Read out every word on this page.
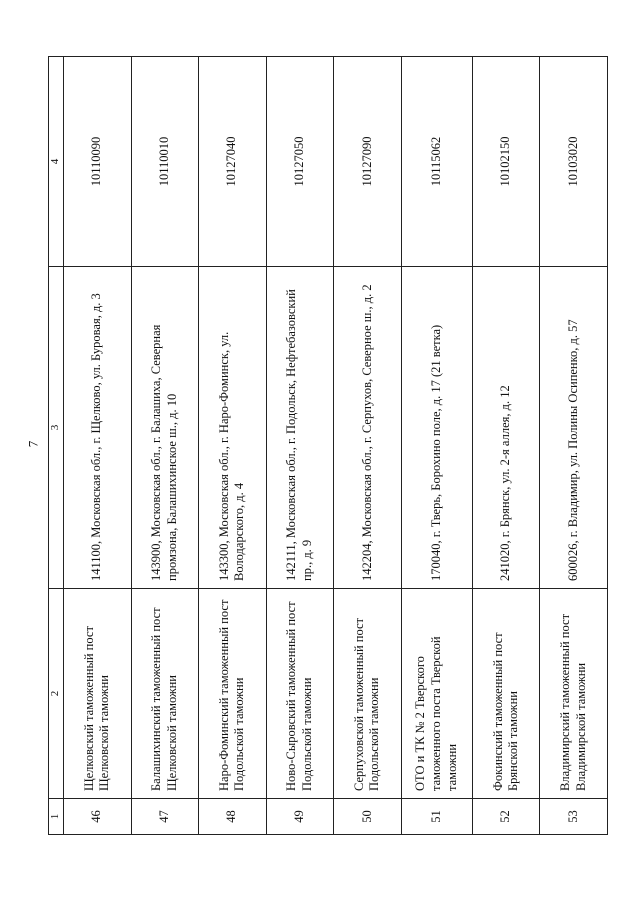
7
1	2	3	4
46	Щелковский таможенный пост Щелковской таможни	141100, Московская обл., г. Щелково, ул. Буровая, д. 3	10110090
47	Балашихинский таможенный пост Щелковской таможни	143900, Московская обл., г. Балашиха, Северная промзона, Балашихинское ш., д. 10	10110010
48	Наро-Фоминский таможенный пост Подольской таможни	143300, Московская обл., г. Наро-Фоминск, ул. Володарского, д. 4	10127040
49	Ново-Сыровский таможенный пост Подольской таможни	142111, Московская обл., г. Подольск, Нефтебазовский пр., д. 9	10127050
50	Серпуховской таможенный пост Подольской таможни	142204, Московская обл., г. Серпухов, Северное ш., д. 2	10127090
51	ОТО и ТК № 2 Тверского таможенного поста Тверской таможни	170040, г. Тверь, Борохино поле, д. 17 (21 ветка)	10115062
52	Фокинский таможенный пост Брянской таможни	241020, г. Брянск, ул. 2-я аллея, д. 12	10102150
53	Владимирский таможенный пост Владимирской таможни	600026, г. Владимир, ул. Полины Осипенко, д. 57	10103020
